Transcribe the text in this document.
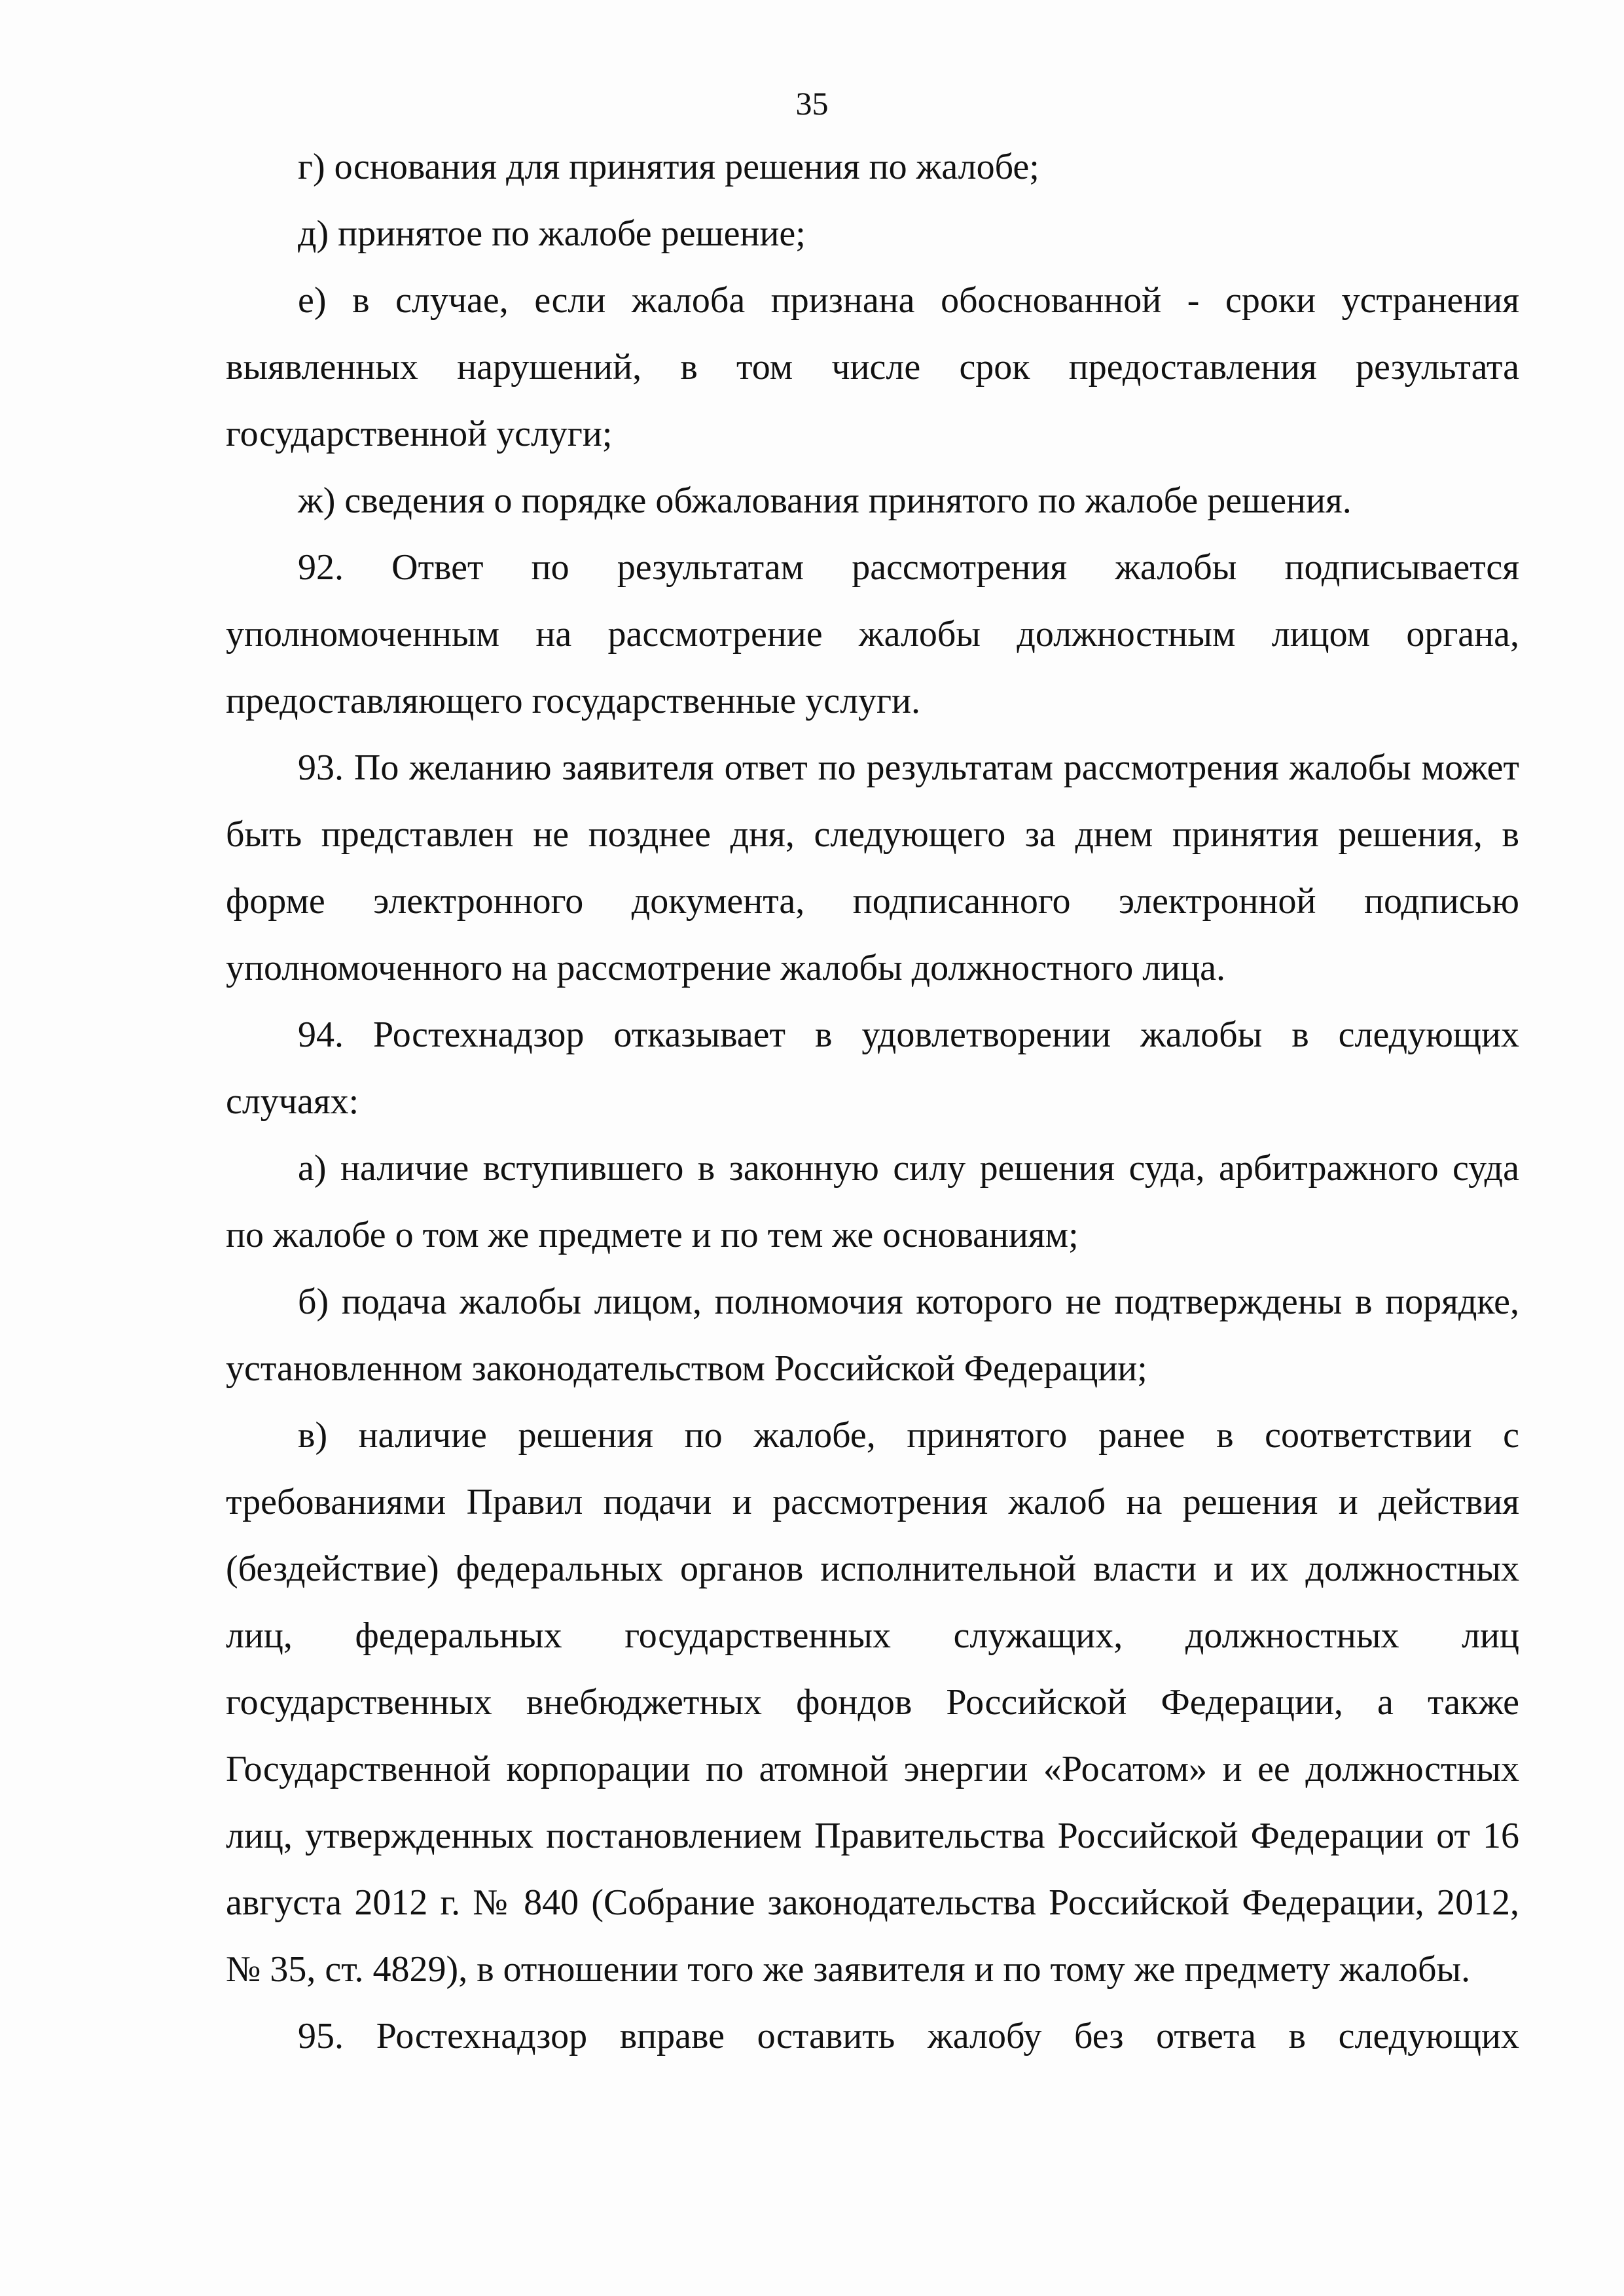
35

г) основания для принятия решения по жалобе;

д) принятое по жалобе решение;

е) в случае, если жалоба признана обоснованной - сроки устранения выявленных нарушений, в том числе срок предоставления результата государственной услуги;

ж) сведения о порядке обжалования принятого по жалобе решения.

92. Ответ по результатам рассмотрения жалобы подписывается уполномоченным на рассмотрение жалобы должностным лицом органа, предоставляющего государственные услуги.

93. По желанию заявителя ответ по результатам рассмотрения жалобы может быть представлен не позднее дня, следующего за днем принятия решения, в форме электронного документа, подписанного электронной подписью уполномоченного на рассмотрение жалобы должностного лица.

94. Ростехнадзор отказывает в удовлетворении жалобы в следующих случаях:

а) наличие вступившего в законную силу решения суда, арбитражного суда по жалобе о том же предмете и по тем же основаниям;

б) подача жалобы лицом, полномочия которого не подтверждены в порядке, установленном законодательством Российской Федерации;

в) наличие решения по жалобе, принятого ранее в соответствии с требованиями Правил подачи и рассмотрения жалоб на решения и действия (бездействие) федеральных органов исполнительной власти и их должностных лиц, федеральных государственных служащих, должностных лиц государственных внебюджетных фондов Российской Федерации, а также Государственной корпорации по атомной энергии «Росатом» и ее должностных лиц, утвержденных постановлением Правительства Российской Федерации от 16 августа 2012 г. № 840 (Собрание законодательства Российской Федерации, 2012, № 35, ст. 4829), в отношении того же заявителя и по тому же предмету жалобы.

95. Ростехнадзор вправе оставить жалобу без ответа в следующих
